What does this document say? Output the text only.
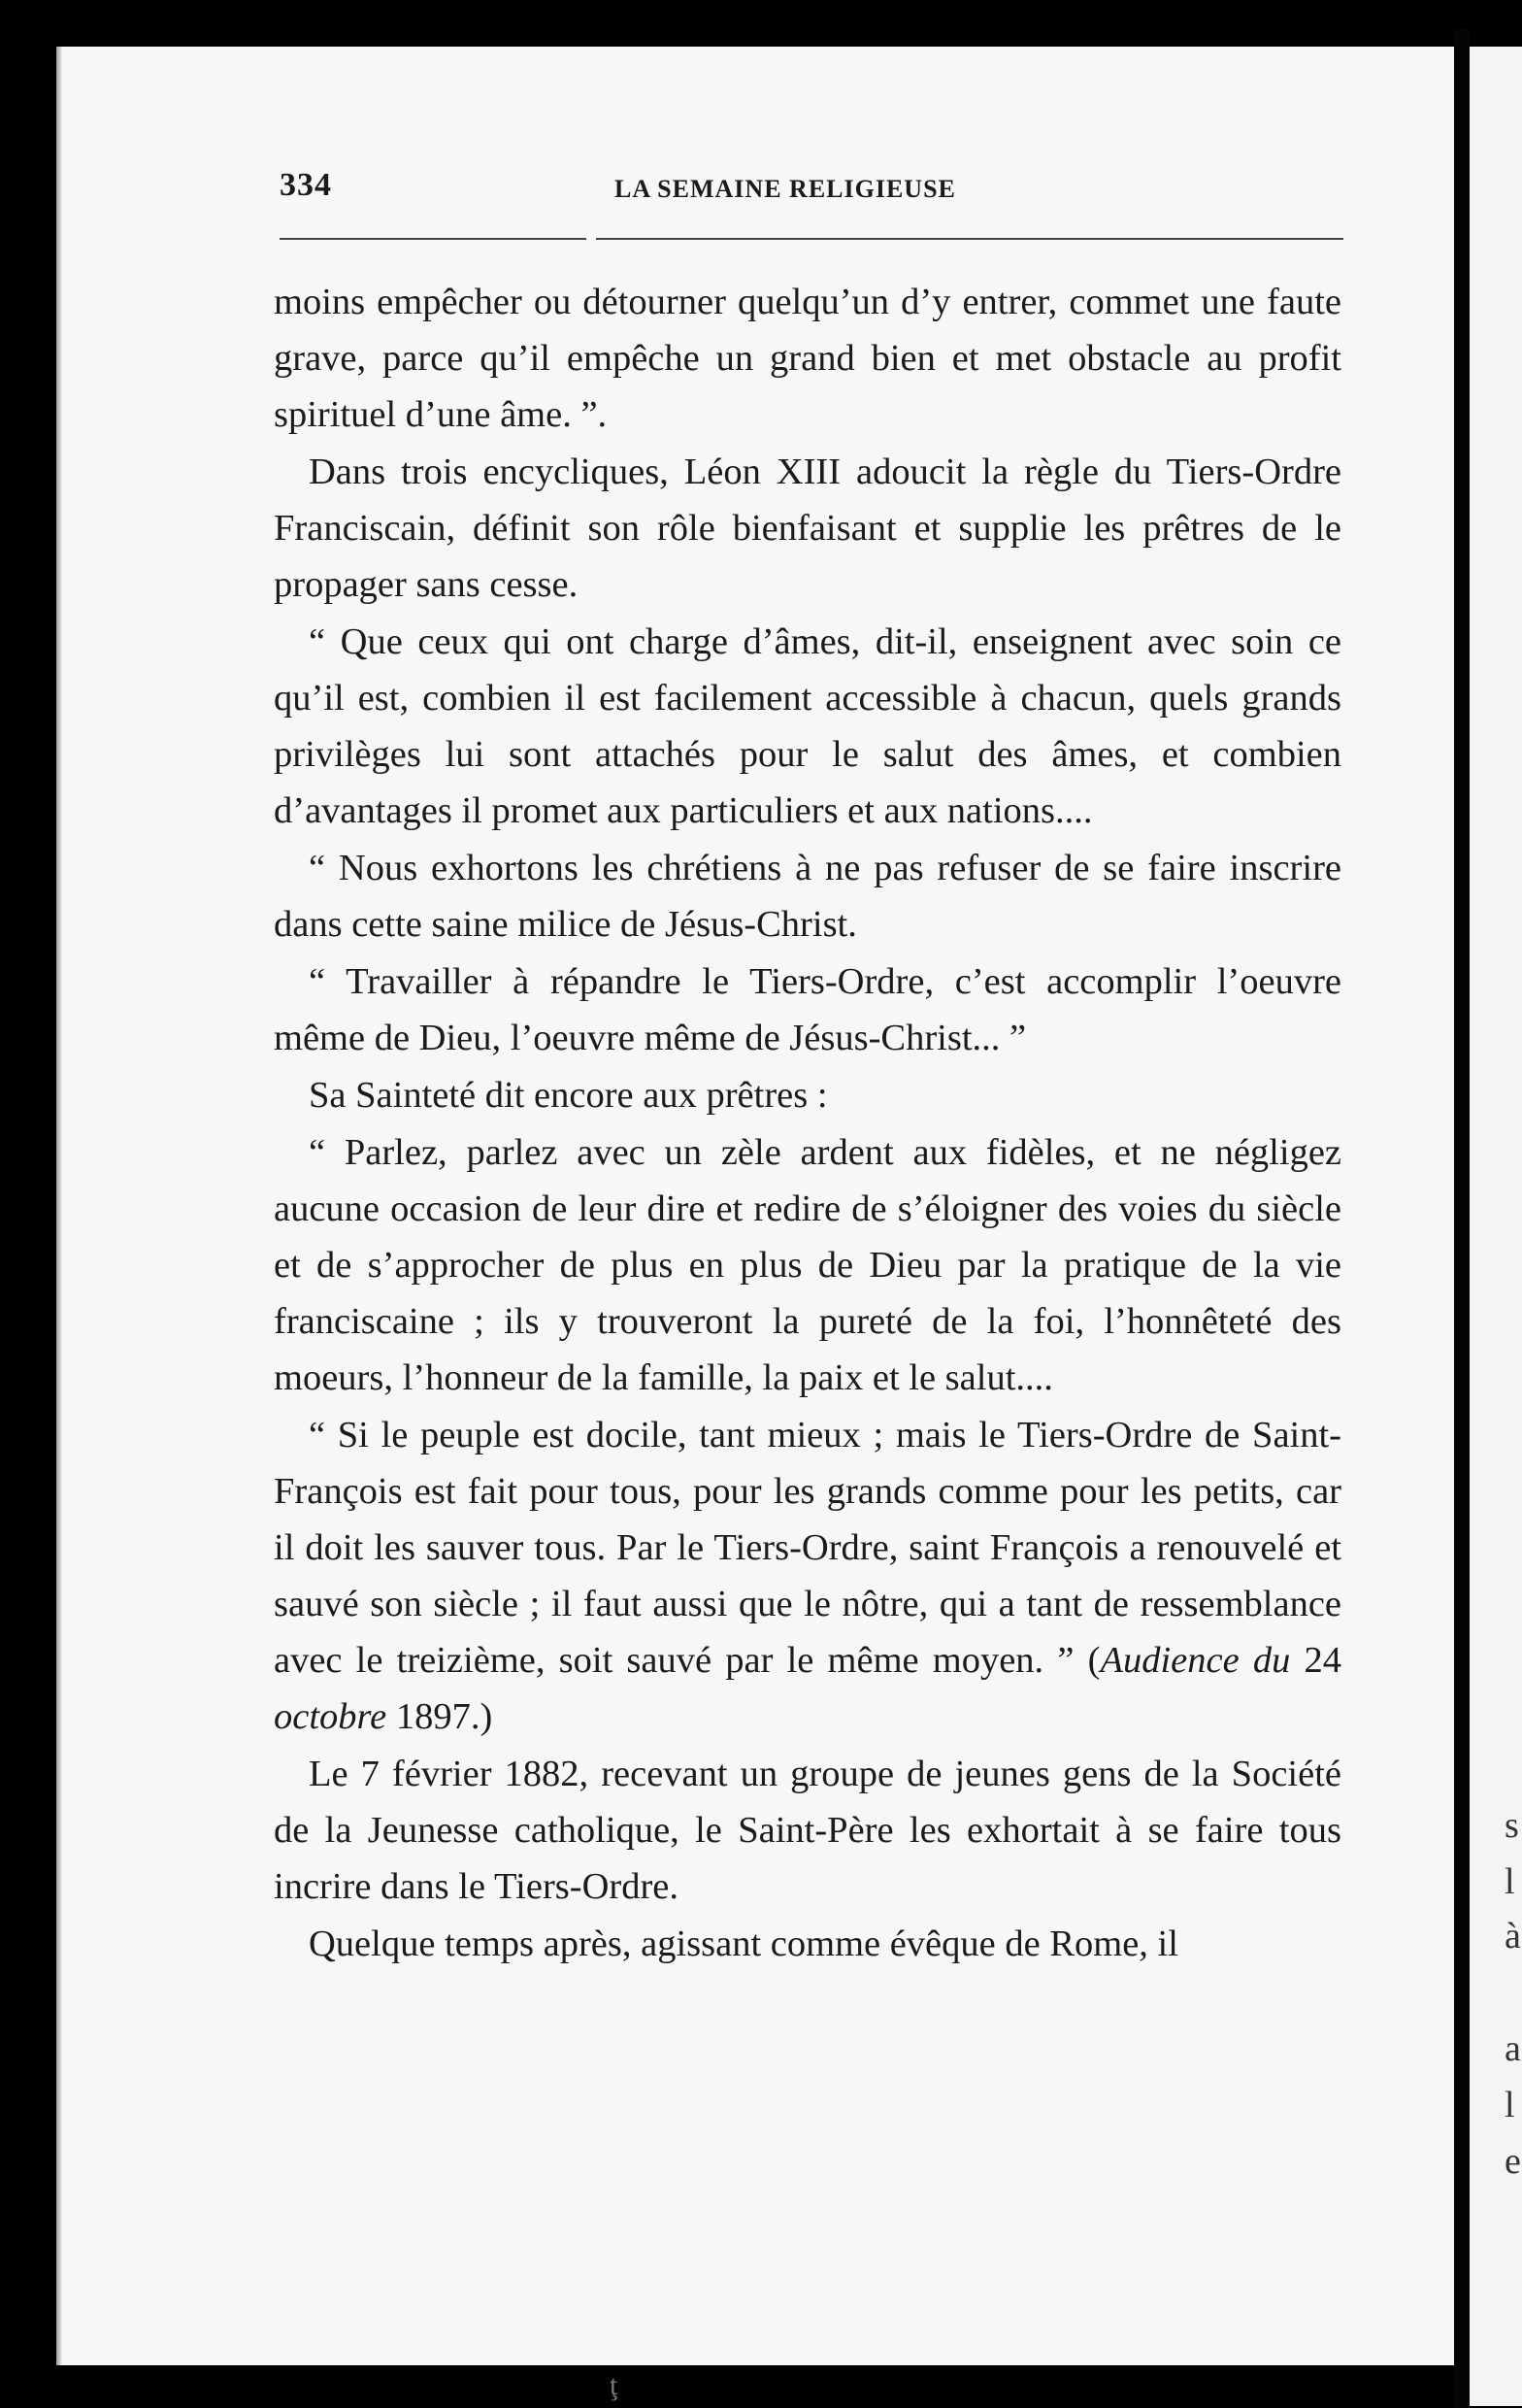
s
l
à
a
l
e
334	LA SEMAINE RELIGIEUSE

moins empêcher ou détourner quelqu’un d’y entrer, commet une faute grave, parce qu’il empêche un grand bien et met obstacle au profit spirituel d’une âme. ”.

Dans trois encycliques, Léon XIII adoucit la règle du Tiers-Ordre Franciscain, définit son rôle bienfaisant et supplie les prêtres de le propager sans cesse.

“ Que ceux qui ont charge d’âmes, dit-il, enseignent avec soin ce qu’il est, combien il est facilement accessible à chacun, quels grands privilèges lui sont attachés pour le salut des âmes, et combien d’avantages il promet aux particuliers et aux nations....

“ Nous exhortons les chrétiens à ne pas refuser de se faire inscrire dans cette saine milice de Jésus-Christ.

“ Travailler à répandre le Tiers-Ordre, c’est accomplir l’oeuvre même de Dieu, l’oeuvre même de Jésus-Christ... ”

Sa Sainteté dit encore aux prêtres :

“ Parlez, parlez avec un zèle ardent aux fidèles, et ne négligez aucune occasion de leur dire et redire de s’éloigner des voies du siècle et de s’approcher de plus en plus de Dieu par la pratique de la vie franciscaine ; ils y trouveront la pureté de la foi, l’honnêteté des moeurs, l’honneur de la famille, la paix et le salut....

“ Si le peuple est docile, tant mieux ; mais le Tiers-Ordre de Saint-François est fait pour tous, pour les grands comme pour les petits, car il doit les sauver tous. Par le Tiers-Ordre, saint François a renouvelé et sauvé son siècle ; il faut aussi que le nôtre, qui a tant de ressemblance avec le treizième, soit sauvé par le même moyen. ” (Audience du 24 octobre 1897.)

Le 7 février 1882, recevant un groupe de jeunes gens de la Société de la Jeunesse catholique, le Saint-Père les exhortait à se faire tous incrire dans le Tiers-Ordre.

Quelque temps après, agissant comme évêque de Rome, il

ţ
